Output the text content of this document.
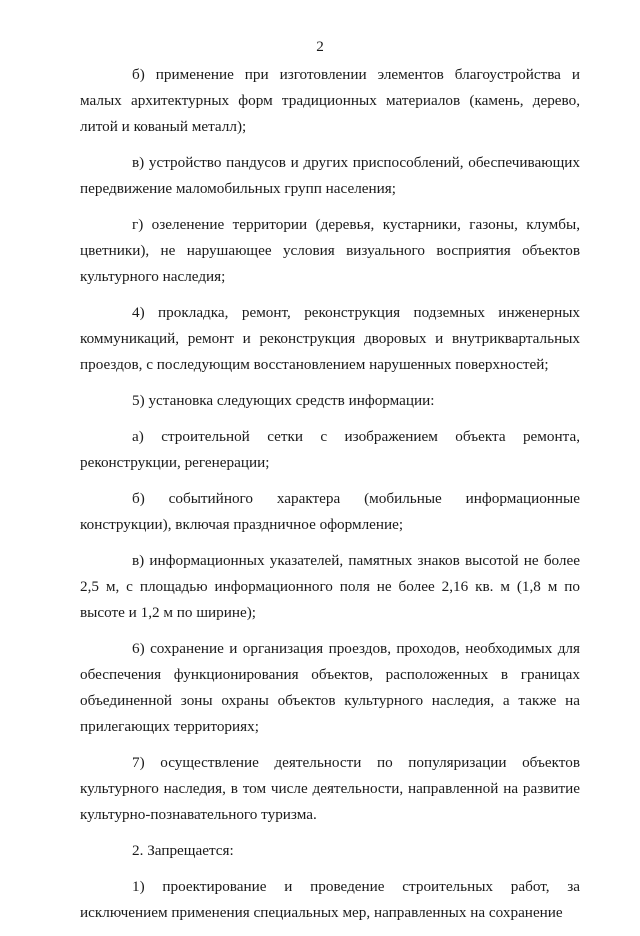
2

б) применение при изготовлении элементов благоустройства и малых архитектурных форм традиционных материалов (камень, дерево, литой и кованый металл);

в) устройство пандусов и других приспособлений, обеспечивающих передвижение маломобильных групп населения;

г) озеленение территории (деревья, кустарники, газоны, клумбы, цветники), не нарушающее условия визуального восприятия объектов культурного наследия;

4) прокладка, ремонт, реконструкция подземных инженерных коммуникаций, ремонт и реконструкция дворовых и внутриквартальных проездов, с последующим восстановлением нарушенных поверхностей;

5) установка следующих средств информации:

а) строительной сетки с изображением объекта ремонта, реконструкции, регенерации;

б) событийного характера (мобильные информационные конструкции), включая праздничное оформление;

в) информационных указателей, памятных знаков высотой не более 2,5 м, с площадью информационного поля не более 2,16 кв. м (1,8 м по высоте и 1,2 м по ширине);

6) сохранение и организация проездов, проходов, необходимых для обеспечения функционирования объектов, расположенных в границах объединенной зоны охраны объектов культурного наследия, а также на прилегающих территориях;

7) осуществление деятельности по популяризации объектов культурного наследия, в том числе деятельности, направленной на развитие культурно-познавательного туризма.

2. Запрещается:

1) проектирование и проведение строительных работ, за исключением применения специальных мер, направленных на сохранение
